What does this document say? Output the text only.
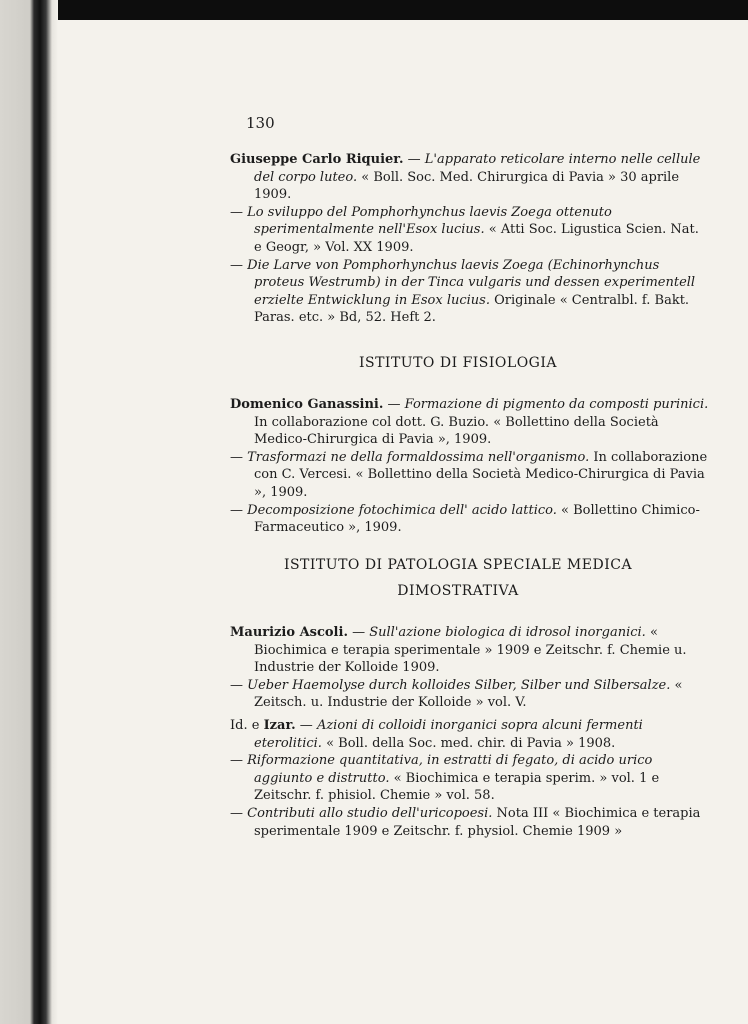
130
Giuseppe Carlo Riquier. — L'apparato reticolare interno nelle cellule del corpo luteo. « Boll. Soc. Med. Chirurgica di Pavia » 30 aprile 1909.
— Lo sviluppo del Pomphorhynchus laevis Zoega ottenuto sperimentalmente nell'Esox lucius. « Atti Soc. Ligustica Scien. Nat. e Geogr, » Vol. XX 1909.
— Die Larve von Pomphorhynchus laevis Zoega (Echinorhynchus proteus Westrumb) in der Tinca vulgaris und dessen experimentell erzielte Entwicklung in Esox lucius. Originale « Centralbl. f. Bakt. Paras. etc. » Bd, 52. Heft 2.
ISTITUTO DI FISIOLOGIA
Domenico Ganassini. — Formazione di pigmento da composti purinici. In collaborazione col dott. G. Buzio. « Bollettino della Società Medico-Chirurgica di Pavia », 1909.
— Trasformazi ne della formaldossima nell'organismo. In collaborazione con C. Vercesi. « Bollettino della Società Medico-Chirurgica di Pavia », 1909.
— Decomposizione fotochimica dell' acido lattico. « Bollettino Chimico-Farmaceutico », 1909.
ISTITUTO DI PATOLOGIA SPECIALE MEDICA
DIMOSTRATIVA
Maurizio Ascoli. — Sull'azione biologica di idrosol inorganici. « Biochimica e terapia sperimentale » 1909 e Zeitschr. f. Chemie u. Industrie der Kolloide 1909.
— Ueber Haemolyse durch kolloides Silber, Silber und Silbersalze. « Zeitsch. u. Industrie der Kolloide » vol. V.
Id. e Izar. — Azioni di colloidi inorganici sopra alcuni fermenti eterolitici. « Boll. della Soc. med. chir. di Pavia » 1908.
— Riformazione quantitativa, in estratti di fegato, di acido urico aggiunto e distrutto. « Biochimica e terapia sperim. » vol. 1 e Zeitschr. f. phisiol. Chemie » vol. 58.
— Contributi allo studio dell'uricopoesi. Nota III « Biochimica e terapia sperimentale 1909 e Zeitschr. f. physiol. Chemie 1909 »
